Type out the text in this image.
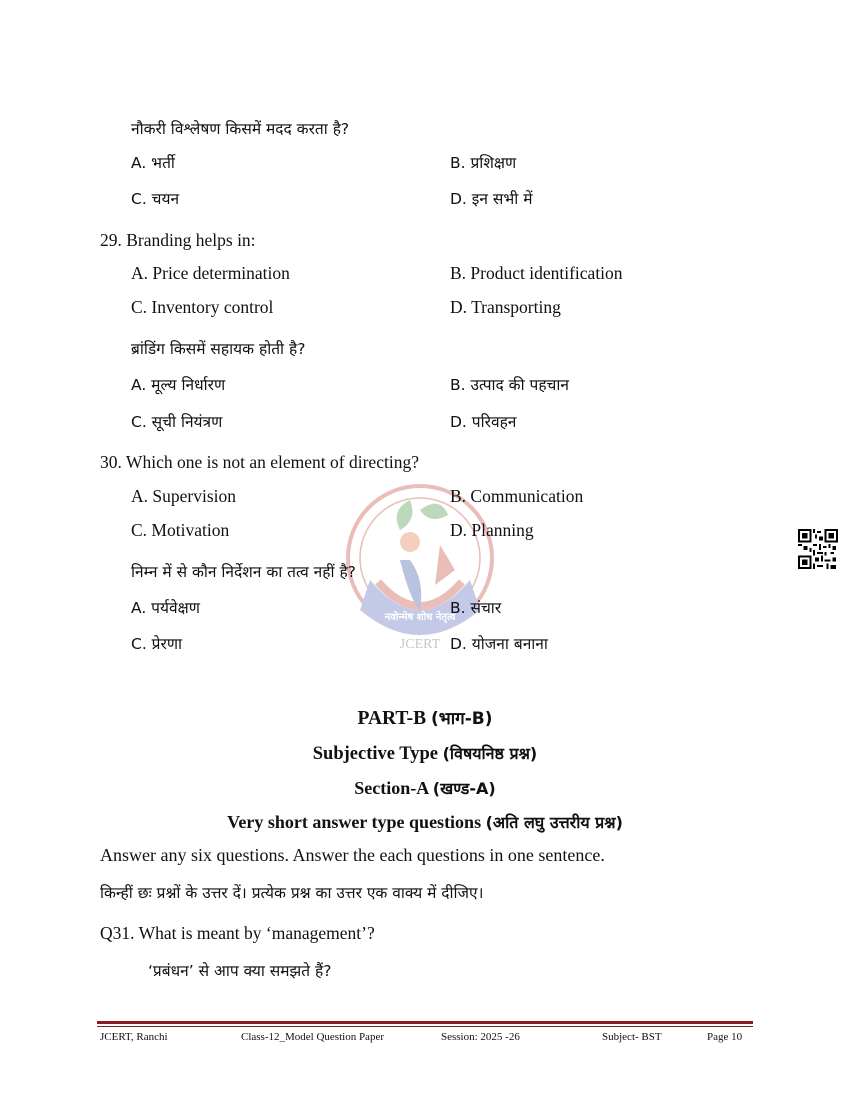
नवोन्मेष शोध नेतृत्व
JCERT
नौकरी विश्लेषण किसमें मदद करता है?
A. भर्ती	B. प्रशिक्षण
C. चयन	D. इन सभी में
29. Branding helps in:
A. Price determination	B. Product identification
C. Inventory control	D. Transporting
ब्रांडिंग किसमें सहायक होती है?
A. मूल्य निर्धारण	B. उत्पाद की पहचान
C. सूची नियंत्रण	D. परिवहन
30. Which one is not an element of directing?
A. Supervision	B. Communication
C. Motivation	D. Planning
निम्न में से कौन निर्देशन का तत्व नहीं है?
A. पर्यवेक्षण	B. संचार
C. प्रेरणा	D. योजना बनाना
PART-B (भाग-B)
Subjective Type (विषयनिष्ठ प्रश्न)
Section-A (खण्ड-A)
Very short answer type questions (अति लघु उत्तरीय प्रश्न)
Answer any six questions. Answer the each questions in one sentence.
किन्हीं छः प्रश्नों के उत्तर दें। प्रत्येक प्रश्न का उत्तर एक वाक्य में दीजिए।
Q31. What is meant by ‘management’?
‘प्रबंधन’ से आप क्या समझते हैं?
JCERT, Ranchi	Class-12_Model Question Paper	Session: 2025 -26	Subject- BST	Page 10
